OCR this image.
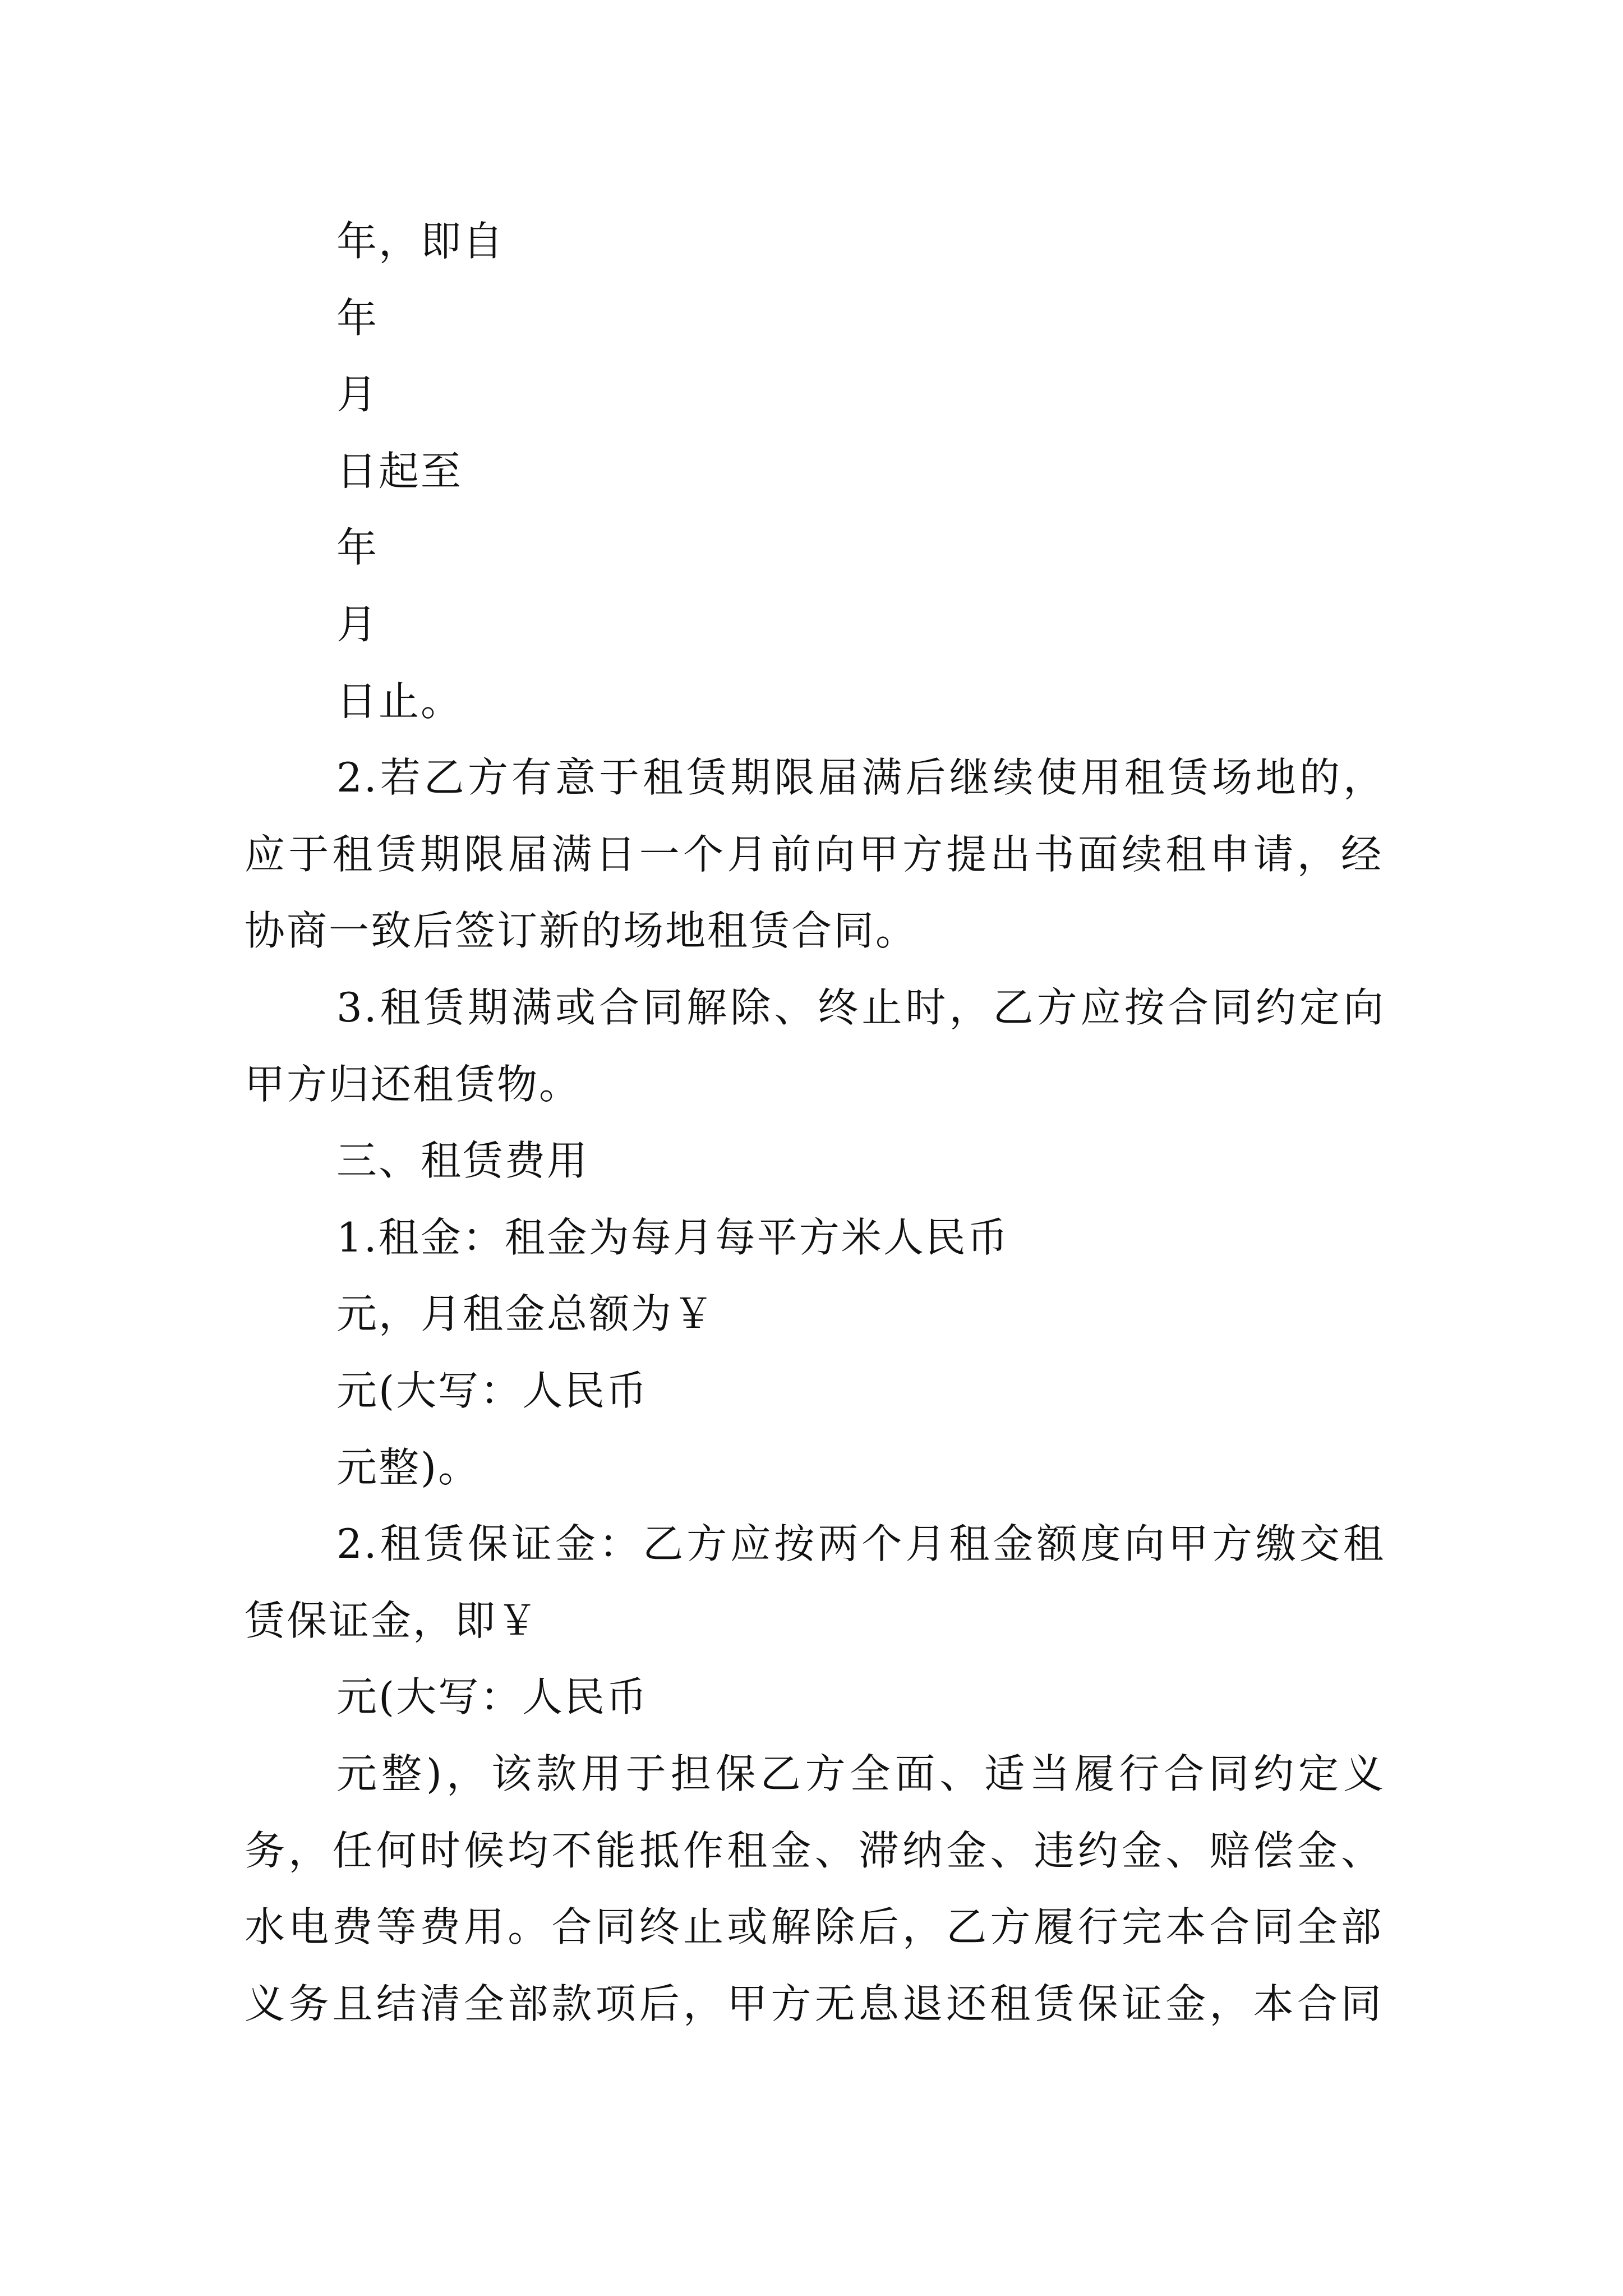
年，即自
年
月
日起至
年
月
日止。
2.若乙方有意于租赁期限届满后继续使用租赁场地的，
应于租赁期限届满日一个月前向甲方提出书面续租申请，经
协商一致后签订新的场地租赁合同。
3.租赁期满或合同解除、终止时，乙方应按合同约定向
甲方归还租赁物。
三、租赁费用
1.租金：租金为每月每平方米人民币
元，月租金总额为￥
元(大写：人民币
元整)。
2.租赁保证金：乙方应按两个月租金额度向甲方缴交租
赁保证金，即￥
元(大写：人民币
元整)，该款用于担保乙方全面、适当履行合同约定义
务，任何时候均不能抵作租金、滞纳金、违约金、赔偿金、
水电费等费用。合同终止或解除后，乙方履行完本合同全部
义务且结清全部款项后，甲方无息退还租赁保证金，本合同
